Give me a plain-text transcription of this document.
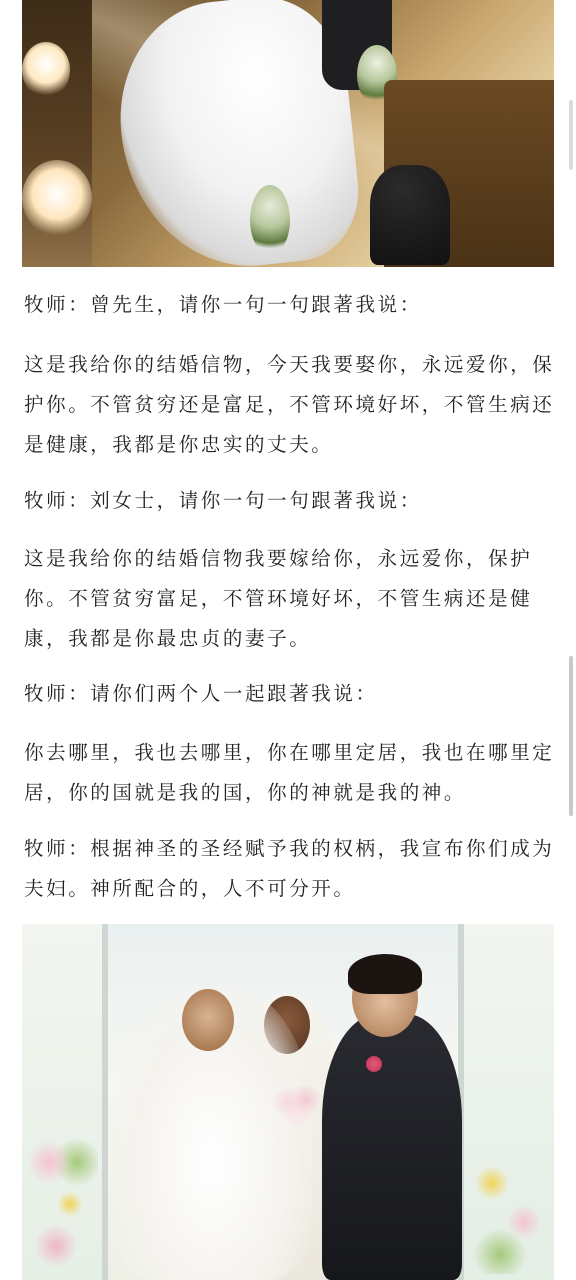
牧师：曾先生，请你一句一句跟著我说：

这是我给你的结婚信物，今天我要娶你，永远爱你，保护你。不管贫穷还是富足，不管环境好坏，不管生病还是健康，我都是你忠实的丈夫。

牧师：刘女士，请你一句一句跟著我说：

这是我给你的结婚信物我要嫁给你，永远爱你，保护你。不管贫穷富足，不管环境好坏，不管生病还是健康，我都是你最忠贞的妻子。

牧师：请你们两个人一起跟著我说：

你去哪里，我也去哪里，你在哪里定居，我也在哪里定居，你的国就是我的国，你的神就是我的神。

牧师：根据神圣的圣经赋予我的权柄，我宣布你们成为夫妇。神所配合的，人不可分开。
